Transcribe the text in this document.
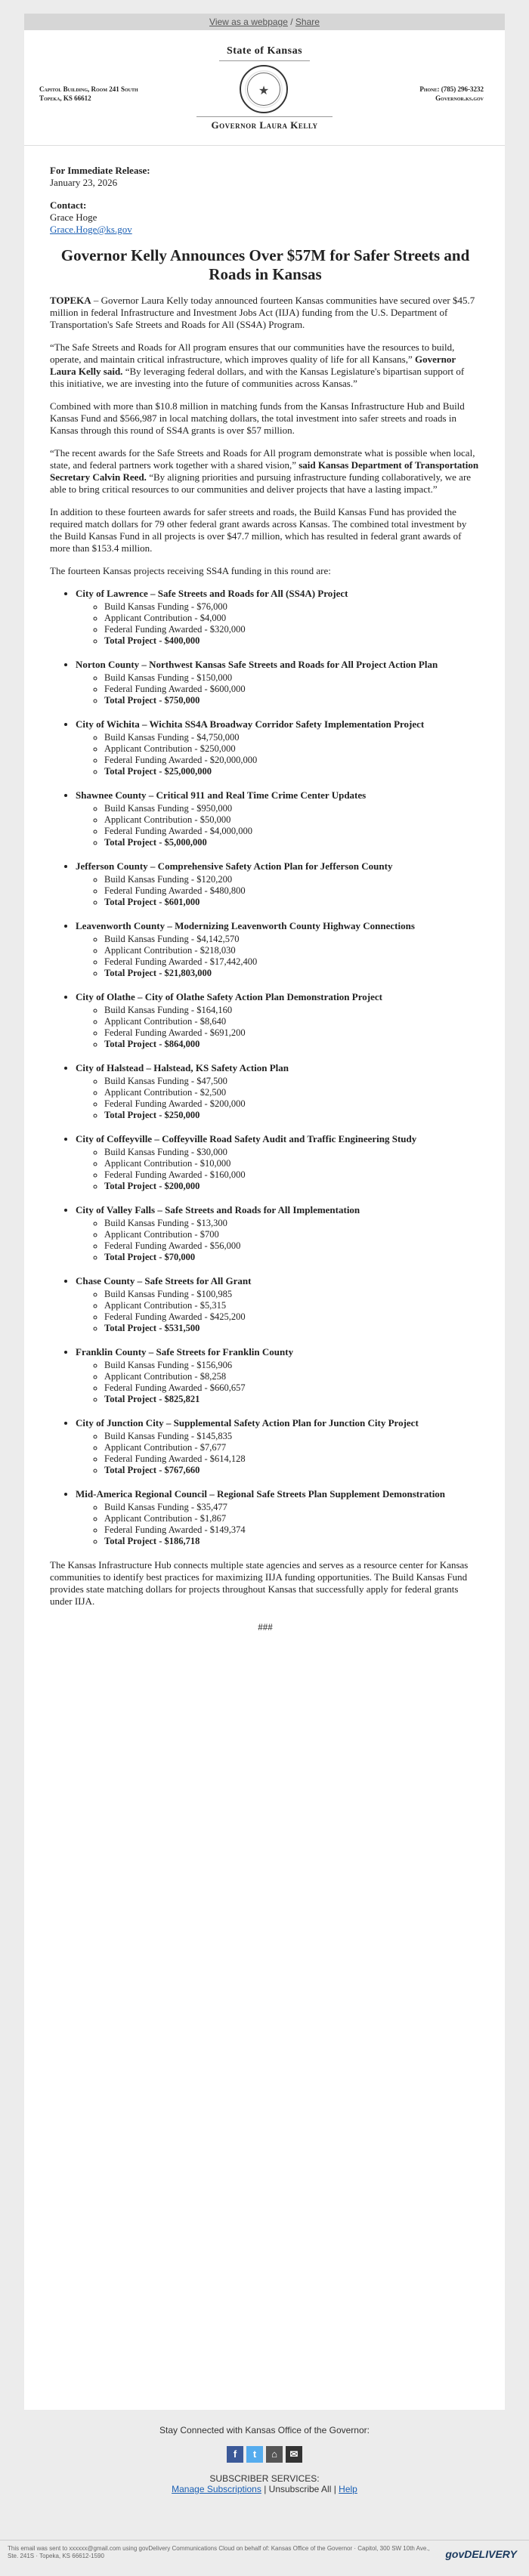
View as a webpage / Share
State of Kansas
★
Capitol Building, Room 241 South
Topeka, KS 66612
Phone: (785) 296-3232
Governor.ks.gov
Governor Laura Kelly

For Immediate Release:
January 23, 2026

Contact:
Grace Hoge
Grace.Hoge@ks.gov

Governor Kelly Announces Over $57M for Safer Streets and Roads in Kansas

TOPEKA – Governor Laura Kelly today announced fourteen Kansas communities have secured over $45.7 million in federal Infrastructure and Investment Jobs Act (IIJA) funding from the U.S. Department of Transportation's Safe Streets and Roads for All (SS4A) Program.

“The Safe Streets and Roads for All program ensures that our communities have the resources to build, operate, and maintain critical infrastructure, which improves quality of life for all Kansans,” Governor Laura Kelly said. “By leveraging federal dollars, and with the Kansas Legislature's bipartisan support of this initiative, we are investing into the future of communities across Kansas.”

Combined with more than $10.8 million in matching funds from the Kansas Infrastructure Hub and Build Kansas Fund and $566,987 in local matching dollars, the total investment into safer streets and roads in Kansas through this round of SS4A grants is over $57 million.

“The recent awards for the Safe Streets and Roads for All program demonstrate what is possible when local, state, and federal partners work together with a shared vision,” said Kansas Department of Transportation Secretary Calvin Reed. “By aligning priorities and pursuing infrastructure funding collaboratively, we are able to bring critical resources to our communities and deliver projects that have a lasting impact.”

In addition to these fourteen awards for safer streets and roads, the Build Kansas Fund has provided the required match dollars for 79 other federal grant awards across Kansas. The combined total investment by the Build Kansas Fund in all projects is over $47.7 million, which has resulted in federal grant awards of more than $153.4 million.

The fourteen Kansas projects receiving SS4A funding in this round are:

• City of Lawrence – Safe Streets and Roads for All (SS4A) Project
◦ Build Kansas Funding - $76,000
◦ Applicant Contribution - $4,000
◦ Federal Funding Awarded - $320,000
◦ Total Project - $400,000
• Norton County – Northwest Kansas Safe Streets and Roads for All Project Action Plan
◦ Build Kansas Funding - $150,000
◦ Federal Funding Awarded - $600,000
◦ Total Project - $750,000
• City of Wichita – Wichita SS4A Broadway Corridor Safety Implementation Project
◦ Build Kansas Funding - $4,750,000
◦ Applicant Contribution - $250,000
◦ Federal Funding Awarded - $20,000,000
◦ Total Project - $25,000,000
• Shawnee County – Critical 911 and Real Time Crime Center Updates
◦ Build Kansas Funding - $950,000
◦ Applicant Contribution - $50,000
◦ Federal Funding Awarded - $4,000,000
◦ Total Project - $5,000,000
• Jefferson County – Comprehensive Safety Action Plan for Jefferson County
◦ Build Kansas Funding - $120,200
◦ Federal Funding Awarded - $480,800
◦ Total Project - $601,000
• Leavenworth County – Modernizing Leavenworth County Highway Connections
◦ Build Kansas Funding - $4,142,570
◦ Applicant Contribution - $218,030
◦ Federal Funding Awarded - $17,442,400
◦ Total Project - $21,803,000
• City of Olathe – City of Olathe Safety Action Plan Demonstration Project
◦ Build Kansas Funding - $164,160
◦ Applicant Contribution - $8,640
◦ Federal Funding Awarded - $691,200
◦ Total Project - $864,000
• City of Halstead – Halstead, KS Safety Action Plan
◦ Build Kansas Funding - $47,500
◦ Applicant Contribution - $2,500
◦ Federal Funding Awarded - $200,000
◦ Total Project - $250,000
• City of Coffeyville – Coffeyville Road Safety Audit and Traffic Engineering Study
◦ Build Kansas Funding - $30,000
◦ Applicant Contribution - $10,000
◦ Federal Funding Awarded - $160,000
◦ Total Project - $200,000
• City of Valley Falls – Safe Streets and Roads for All Implementation
◦ Build Kansas Funding - $13,300
◦ Applicant Contribution - $700
◦ Federal Funding Awarded - $56,000
◦ Total Project - $70,000
• Chase County – Safe Streets for All Grant
◦ Build Kansas Funding - $100,985
◦ Applicant Contribution - $5,315
◦ Federal Funding Awarded - $425,200
◦ Total Project - $531,500
• Franklin County – Safe Streets for Franklin County
◦ Build Kansas Funding - $156,906
◦ Applicant Contribution - $8,258
◦ Federal Funding Awarded - $660,657
◦ Total Project - $825,821
• City of Junction City – Supplemental Safety Action Plan for Junction City Project
◦ Build Kansas Funding - $145,835
◦ Applicant Contribution - $7,677
◦ Federal Funding Awarded - $614,128
◦ Total Project - $767,660
• Mid-America Regional Council – Regional Safe Streets Plan Supplement Demonstration
◦ Build Kansas Funding - $35,477
◦ Applicant Contribution - $1,867
◦ Federal Funding Awarded - $149,374
◦ Total Project - $186,718

The Kansas Infrastructure Hub connects multiple state agencies and serves as a resource center for Kansas communities to identify best practices for maximizing IIJA funding opportunities. The Build Kansas Fund provides state matching dollars for projects throughout Kansas that successfully apply for federal grants under IIJA.

###
Stay Connected with Kansas Office of the Governor:
f	t	⌂	✉
SUBSCRIBER SERVICES:
Manage Subscriptions | Unsubscribe All | Help
This email was sent to xxxxxx@gmail.com using govDelivery Communications Cloud on behalf of: Kansas Office of the Governor · Capitol, 300 SW 10th Ave., Ste. 241S · Topeka, KS 66612-1590	govDELIVERY
